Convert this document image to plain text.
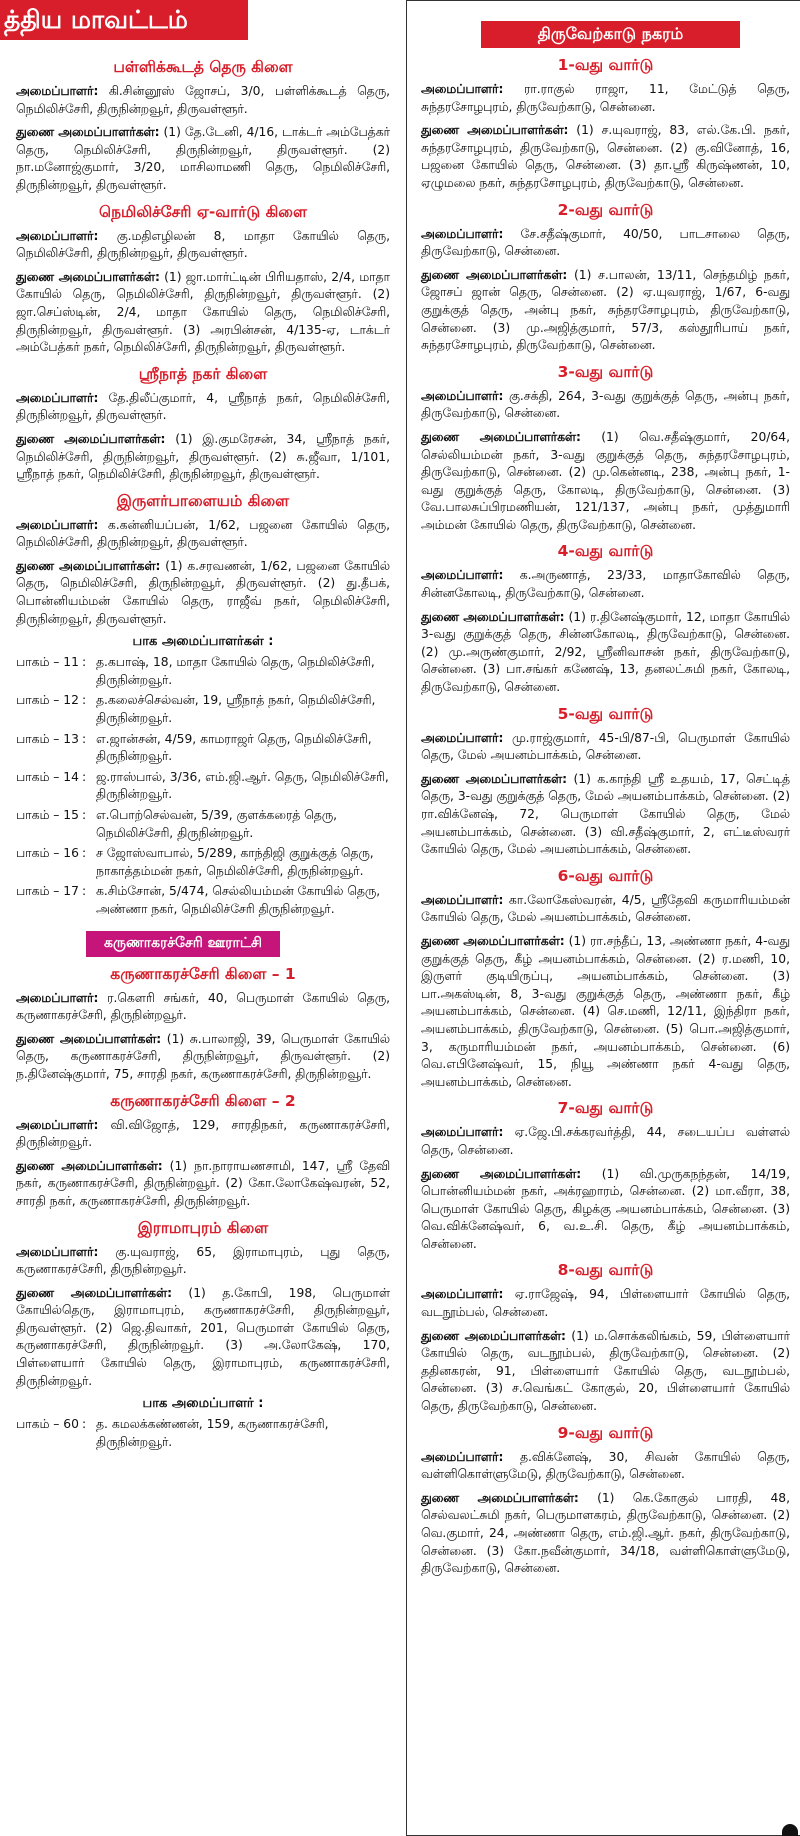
த்திய மாவட்டம்
பள்ளிக்கூடத் தெரு கிளை

அமைப்பாளர்: கி.சின்னூஸ் ஜோசப், 3/0, பள்ளிக்கூடத் தெரு, நெமிலிச்சேரி, திருநின்றவூர், திருவள்ளூர்.

துணை அமைப்பாளர்கள்: (1) தே.டேனி, 4/16, டாக்டர் அம்பேத்கர் தெரு, நெமிலிச்சேரி, திருநின்றவூர், திருவள்ளூர். (2) நா.மனோஜ்குமார், 3/20, மாசிலாமணி தெரு, நெமிலிச்சேரி, திருநின்றவூர், திருவள்ளூர்.

நெமிலிச்சேரி ஏ-வார்டு கிளை

அமைப்பாளர்: கு.மதிஎழிலன் 8, மாதா கோயில் தெரு, நெமிலிச்சேரி, திருநின்றவூர், திருவள்ளூர்.

துணை அமைப்பாளர்கள்: (1) ஜா.மார்ட்டின் பிரியதாஸ், 2/4, மாதா கோயில் தெரு, நெமிலிச்சேரி, திருநின்றவூர், திருவள்ளூர். (2) ஜா.செப்ஸ்டின், 2/4, மாதா கோயில் தெரு, நெமிலிச்சேரி, திருநின்றவூர், திருவள்ளூர். (3) அரபின்சன், 4/135-ஏ, டாக்டர் அம்பேத்கர் நகர், நெமிலிச்சேரி, திருநின்றவூர், திருவள்ளூர்.

ஸ்ரீநாத் நகர் கிளை

அமைப்பாளர்: தே.திலீப்குமார், 4, ஸ்ரீநாத் நகர், நெமிலிச்சேரி, திருநின்றவூர், திருவள்ளூர்.

துணை அமைப்பாளர்கள்: (1) இ.குமரேசன், 34, ஸ்ரீநாத் நகர், நெமிலிச்சேரி, திருநின்றவூர், திருவள்ளூர். (2) சு.ஜீவா, 1/101, ஸ்ரீநாத் நகர், நெமிலிச்சேரி, திருநின்றவூர், திருவள்ளூர்.

இருளர்பாளையம் கிளை

அமைப்பாளர்: க.கன்னியப்பன், 1/62, பஜனை கோயில் தெரு, நெமிலிச்சேரி, திருநின்றவூர், திருவள்ளூர்.

துணை அமைப்பாளர்கள்: (1) க.சரவணன், 1/62, பஜனை கோயில் தெரு, நெமிலிச்சேரி, திருநின்றவூர், திருவள்ளூர். (2) து.தீபக், பொன்னியம்மன் கோயில் தெரு, ராஜீவ் நகர், நெமிலிச்சேரி, திருநின்றவூர், திருவள்ளூர்.

பாக அமைப்பாளர்கள் :
பாகம் – 11 : த.கபாஷ், 18, மாதா கோயில் தெரு, நெமிலிச்சேரி, திருநின்றவூர்.
பாகம் – 12 : த.கலைச்செல்வன், 19, ஸ்ரீநாத் நகர், நெமிலிச்சேரி, திருநின்றவூர்.
பாகம் – 13 : எ.ஜான்சன், 4/59, காமராஜர் தெரு, நெமிலிச்சேரி, திருநின்றவூர்.
பாகம் – 14 : ஜ.ராஸ்பால், 3/36, எம்.ஜி.ஆர். தெரு, நெமிலிச்சேரி, திருநின்றவூர்.
பாகம் – 15 : எ.பொற்செல்வன், 5/39, குளக்கரைத் தெரு, நெமிலிச்சேரி, திருநின்றவூர்.
பாகம் – 16 : ச ஜோஸ்வாபால், 5/289, காந்திஜி குறுக்குத் தெரு, நாகாத்தம்மன் நகர், நெமிலிச்சேரி, திருநின்றவூர்.
பாகம் – 17 : க.சிம்சோன், 5/474, செல்லியம்மன் கோயில் தெரு, அண்ணா நகர், நெமிலிச்சேரி திருநின்றவூர்.
கருணாகரச்சேரி ஊராட்சி
கருணாகரச்சேரி கிளை – 1

அமைப்பாளர்: ர.கௌரி சங்கர், 40, பெருமாள் கோயில் தெரு, கருணாகரச்சேரி, திருநின்றவூர்.

துணை அமைப்பாளர்கள்: (1) சு.பாலாஜி, 39, பெருமாள் கோயில் தெரு, கருணாகரச்சேரி, திருநின்றவூர், திருவள்ளூர். (2) ந.தினேஷ்குமார், 75, சாரதி நகர், கருணாகரச்சேரி, திருநின்றவூர்.

கருணாகரச்சேரி கிளை – 2

அமைப்பாளர்: வி.விஜோத், 129, சாரதிநகர், கருணாகரச்சேரி, திருநின்றவூர்.

துணை அமைப்பாளர்கள்: (1) நா.நாராயணசாமி, 147, ஸ்ரீ தேவி நகர், கருணாகரச்சேரி, திருநின்றவூர். (2) கோ.லோகேஷ்வரன், 52, சாரதி நகர், கருணாகரச்சேரி, திருநின்றவூர்.

இராமாபுரம் கிளை

அமைப்பாளர்: கு.யுவராஜ், 65, இராமாபுரம், புது தெரு, கருணாகரச்சேரி, திருநின்றவூர்.

துணை அமைப்பாளர்கள்: (1) த.கோபி, 198, பெருமாள் கோயில்தெரு, இராமாபுரம், கருணாகரச்சேரி, திருநின்றவூர், திருவள்ளூர். (2) ஜெ.திவாகர், 201, பெருமாள் கோயில் தெரு, கருணாகரச்சேரி, திருநின்றவூர். (3) அ.லோகேஷ், 170, பிள்ளையார் கோயில் தெரு, இராமாபுரம், கருணாகரச்சேரி, திருநின்றவூர்.

பாக அமைப்பாளர் :
பாகம் – 60 : த. கமலக்கண்ணன், 159, கருணாகரச்சேரி, திருநின்றவூர்.
திருவேற்காடு நகரம்
1-வது வார்டு

அமைப்பாளர்: ரா.ராகுல் ராஜா, 11, மேட்டுத் தெரு, சுந்தரசோழபுரம், திருவேற்காடு, சென்னை.

துணை அமைப்பாளர்கள்: (1) ச.யுவராஜ், 83, எல்.கே.பி. நகர், சுந்தரசோழபுரம், திருவேற்காடு, சென்னை. (2) கு.வினோத், 16, பஜனை கோயில் தெரு, சென்னை. (3) தா.ஸ்ரீ கிருஷ்ணன், 10, ஏழுமலை நகர், சுந்தரசோழபுரம், திருவேற்காடு, சென்னை.

2-வது வார்டு

அமைப்பாளர்: சே.சதீஷ்குமார், 40/50, பாடசாலை தெரு, திருவேற்காடு, சென்னை.

துணை அமைப்பாளர்கள்: (1) ச.பாலன், 13/11, செந்தமிழ் நகர், ஜோசப் ஜான் தெரு, சென்னை. (2) ஏ.யுவராஜ், 1/67, 6-வது குறுக்குத் தெரு, அன்பு நகர், சுந்தரசோழபுரம், திருவேற்காடு, சென்னை. (3) மு.அஜித்குமார், 57/3, கஸ்தூரிபாய் நகர், சுந்தரசோழபுரம், திருவேற்காடு, சென்னை.

3-வது வார்டு

அமைப்பாளர்: கு.சக்தி, 264, 3-வது குறுக்குத் தெரு, அன்பு நகர், திருவேற்காடு, சென்னை.

துணை அமைப்பாளர்கள்: (1) வெ.சதீஷ்குமார், 20/64, செல்லியம்மன் நகர், 3-வது குறுக்குத் தெரு, சுந்தரசோழபுரம், திருவேற்காடு, சென்னை. (2) மு.கென்னடி, 238, அன்பு நகர், 1-வது குறுக்குத் தெரு, கோலடி, திருவேற்காடு, சென்னை. (3) வே.பாலசுப்பிரமணியன், 121/137, அன்பு நகர், முத்துமாரி அம்மன் கோயில் தெரு, திருவேற்காடு, சென்னை.

4-வது வார்டு

அமைப்பாளர்: க.அருணாத், 23/33, மாதாகோவில் தெரு, சின்னகோலடி, திருவேற்காடு, சென்னை.

துணை அமைப்பாளர்கள்: (1) ர.தினேஷ்குமார், 12, மாதா கோயில் 3-வது குறுக்குத் தெரு, சின்னகோலடி, திருவேற்காடு, சென்னை. (2) மு.அருண்குமார், 2/92, ஸ்ரீனிவாசன் நகர், திருவேற்காடு, சென்னை. (3) பா.சங்கர் கணேஷ், 13, தனலட்சுமி நகர், கோலடி, திருவேற்காடு, சென்னை.

5-வது வார்டு

அமைப்பாளர்: மு.ராஜ்குமார், 45-பி/87-பி, பெருமாள் கோயில் தெரு, மேல் அயனம்பாக்கம், சென்னை.

துணை அமைப்பாளர்கள்: (1) க.காந்தி ஸ்ரீ உதயம், 17, செட்டித் தெரு, 3-வது குறுக்குத் தெரு, மேல் அயனம்பாக்கம், சென்னை. (2) ரா.விக்னேஷ், 72, பெருமாள் கோயில் தெரு, மேல் அயனம்பாக்கம், சென்னை. (3) வி.சதீஷ்குமார், 2, எட்டீஸ்வரர் கோயில் தெரு, மேல் அயனம்பாக்கம், சென்னை.

6-வது வார்டு

அமைப்பாளர்: கா.லோகேஸ்வரன், 4/5, ஸ்ரீதேவி கருமாரியம்மன் கோயில் தெரு, மேல் அயனம்பாக்கம், சென்னை.

துணை அமைப்பாளர்கள்: (1) ரா.சந்தீப், 13, அண்ணா நகர், 4-வது குறுக்குத் தெரு, கீழ் அயனம்பாக்கம், சென்னை. (2) ர.மணி, 10, இருளர் குடியிருப்பு, அயனம்பாக்கம், சென்னை. (3) பா.அகஸ்டின், 8, 3-வது குறுக்குத் தெரு, அண்ணா நகர், கீழ் அயனம்பாக்கம், சென்னை. (4) செ.மணி, 12/11, இந்திரா நகர், அயனம்பாக்கம், திருவேற்காடு, சென்னை. (5) பொ.அஜித்குமார், 3, கருமாரியம்மன் நகர், அயனம்பாக்கம், சென்னை. (6) வெ.எபினேஷ்வர், 15, நியூ அண்ணா நகர் 4-வது தெரு, அயனம்பாக்கம், சென்னை.

7-வது வார்டு

அமைப்பாளர்: ஏ.ஜே.பி.சக்கரவர்த்தி, 44, சடையப்ப வள்ளல் தெரு, சென்னை.

துணை அமைப்பாளர்கள்: (1) வி.முருகநந்தன், 14/19, பொன்னியம்மன் நகர், அக்ரஹாரம், சென்னை. (2) மா.வீரா, 38, பெருமாள் கோயில் தெரு, கிழக்கு அயனம்பாக்கம், சென்னை. (3) வெ.விக்னேஷ்வர், 6, வ.உ.சி. தெரு, கீழ் அயனம்பாக்கம், சென்னை.

8-வது வார்டு

அமைப்பாளர்: ஏ.ராஜேஷ், 94, பிள்ளையார் கோயில் தெரு, வடநூம்பல், சென்னை.

துணை அமைப்பாளர்கள்: (1) ம.சொக்கலிங்கம், 59, பிள்ளையார் கோயில் தெரு, வடநூம்பல், திருவேற்காடு, சென்னை. (2) ததினகரன், 91, பிள்ளையார் கோயில் தெரு, வடநூம்பல், சென்னை. (3) ச.வெங்கட் கோகுல், 20, பிள்ளையார் கோயில் தெரு, திருவேற்காடு, சென்னை.

9-வது வார்டு

அமைப்பாளர்: த.விக்னேஷ், 30, சிவன் கோயில் தெரு, வள்ளிகொள்ளுமேடு, திருவேற்காடு, சென்னை.

துணை அமைப்பாளர்கள்: (1) கெ.கோகுல் பாரதி, 48, செல்வலட்சுமி நகர், பெருமாளகரம், திருவேற்காடு, சென்னை. (2) வெ.குமார், 24, அண்ணா தெரு, எம்.ஜி.ஆர். நகர், திருவேற்காடு, சென்னை. (3) கோ.நவீன்குமார், 34/18, வள்ளிகொள்ளுமேடு, திருவேற்காடு, சென்னை.
